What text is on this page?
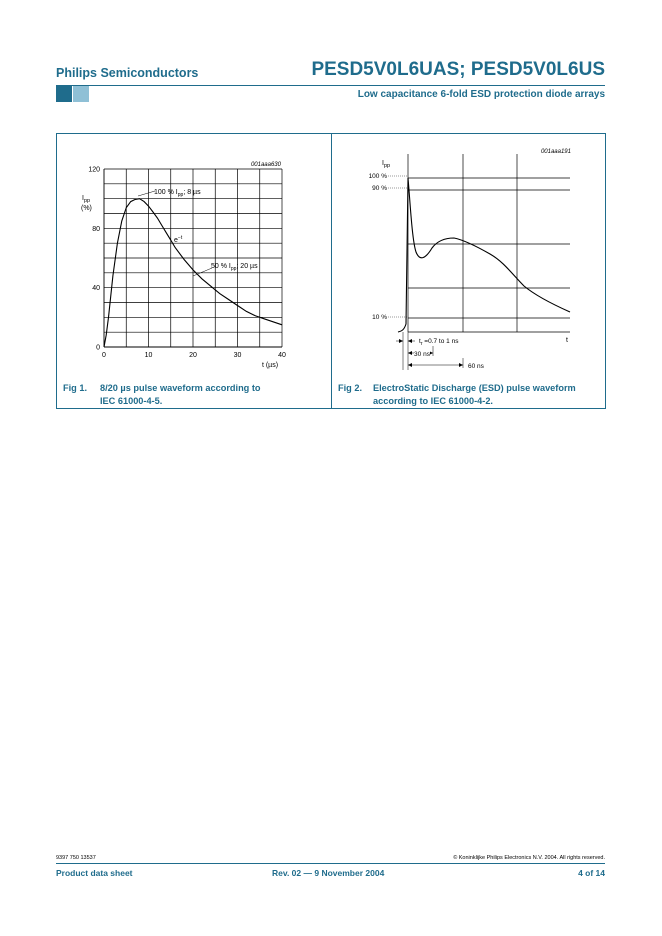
Philips Semiconductors	PESD5V0L6UAS; PESD5V0L6US
Low capacitance 6-fold ESD protection diode arrays
001aaa630
$I_{pp}$
(%)
t (µs)
0	10	20	30	40
0
40
80
120
100 % $I_{pp}$; 8 µs
$e^{-t}$
50 % $I_{pp}$; 20 µs
Fig 1. 8/20 µs pulse waveform according to
IEC 61000-4-5.
001aaa191
$I_{pp}$
100 %
90 %
10 %
t
$t_r =0.7$ to 1 ns
30 ns
60 ns
Fig 2. ElectroStatic Discharge (ESD) pulse waveform
according to IEC 61000-4-2.
9397 750 13537	© Koninklijke Philips Electronics N.V. 2004. All rights reserved.
Product data sheet	Rev. 02 — 9 November 2004	4 of 14
